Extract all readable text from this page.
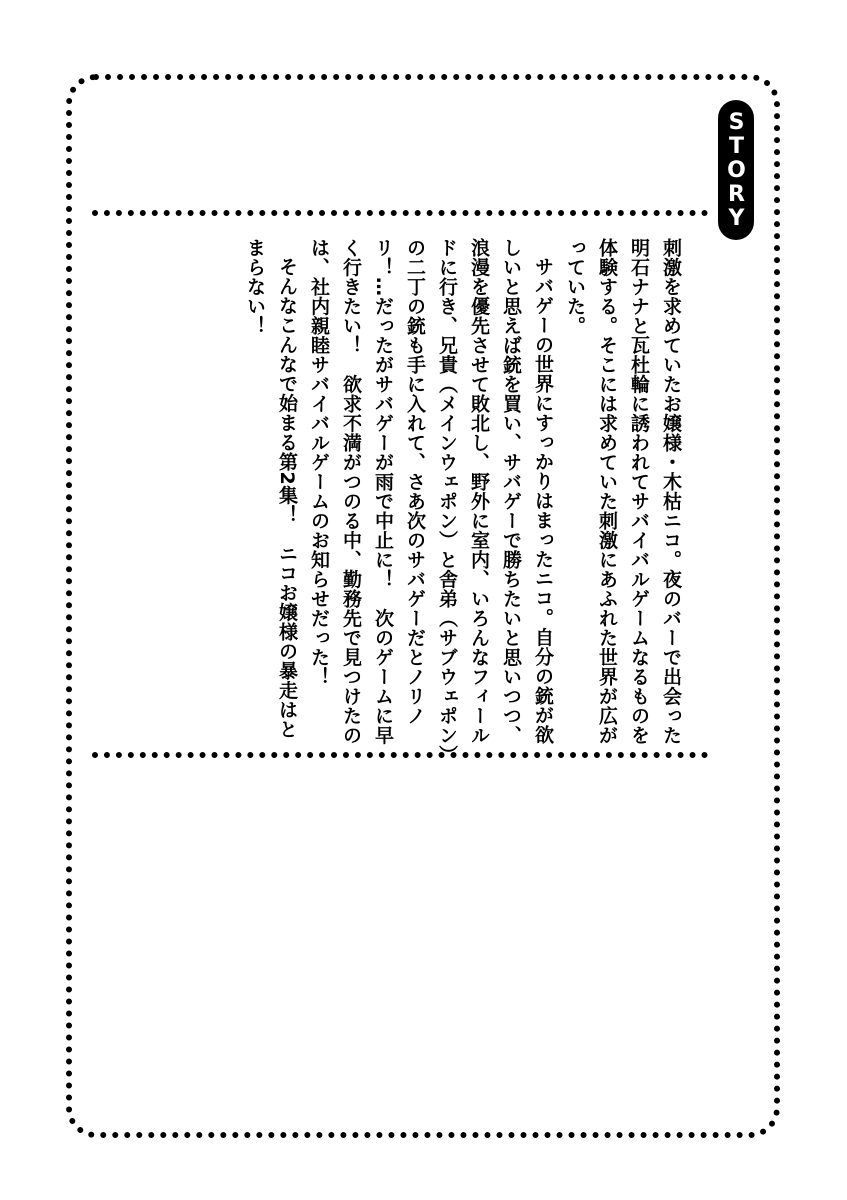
STORY

刺激を求めていたお嬢様・木枯ニコ。夜のバーで出会った明石ナナと瓦杜輪に誘われてサバイバルゲームなるものを体験する。そこには求めていた刺激にあふれた世界が広がっていた。

サバゲーの世界にすっかりはまったニコ。自分の銃が欲しいと思えば銃を買い、サバゲーで勝ちたいと思いつつ、浪漫を優先させて敗北し、野外に室内、いろんなフィールドに行き、兄貴（メインウェポン）と舎弟（サブウェポン）の二丁の銃も手に入れて、さあ次のサバゲーだとノリノリ！…だったがサバゲーが雨で中止に！　次のゲームに早く行きたい！　欲求不満がつのる中、勤務先で見つけたのは、社内親睦サバイバルゲームのお知らせだった！

そんなこんなで始まる第2集！　ニコお嬢様の暴走はとまらない！
